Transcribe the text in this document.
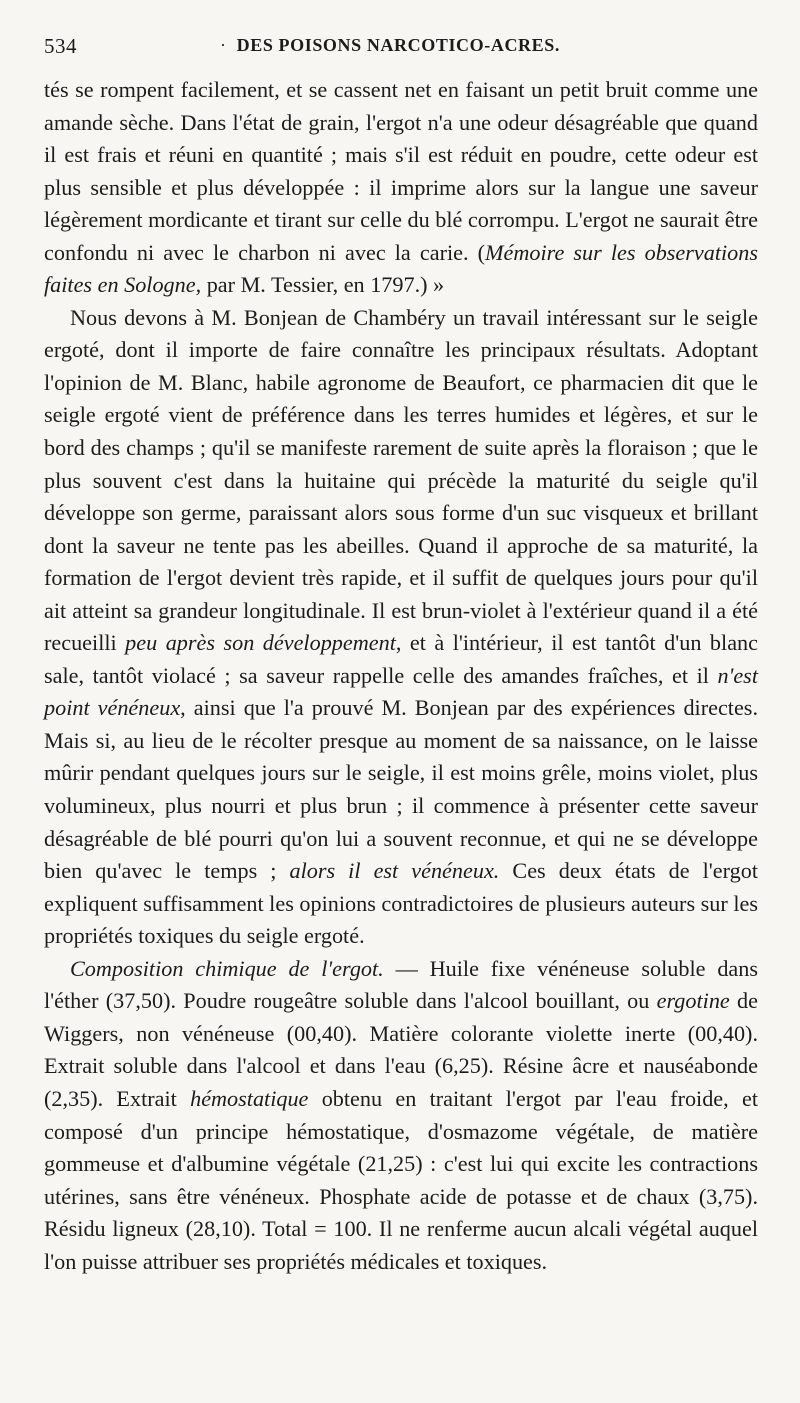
534	· DES POISONS NARCOTICO-ACRES.

tés se rompent facilement, et se cassent net en faisant un petit bruit comme une amande sèche. Dans l'état de grain, l'ergot n'a une odeur désagréable que quand il est frais et réuni en quantité ; mais s'il est réduit en poudre, cette odeur est plus sensible et plus développée : il imprime alors sur la langue une saveur légèrement mordicante et tirant sur celle du blé corrompu. L'ergot ne saurait être confondu ni avec le charbon ni avec la carie. (Mémoire sur les observations faites en Sologne, par M. Tessier, en 1797.) »

Nous devons à M. Bonjean de Chambéry un travail intéressant sur le seigle ergoté, dont il importe de faire connaître les principaux résultats. Adoptant l'opinion de M. Blanc, habile agronome de Beaufort, ce pharmacien dit que le seigle ergoté vient de préférence dans les terres humides et légères, et sur le bord des champs ; qu'il se manifeste rarement de suite après la floraison ; que le plus souvent c'est dans la huitaine qui précède la maturité du seigle qu'il développe son germe, paraissant alors sous forme d'un suc visqueux et brillant dont la saveur ne tente pas les abeilles. Quand il approche de sa maturité, la formation de l'ergot devient très rapide, et il suffit de quelques jours pour qu'il ait atteint sa grandeur longitudinale. Il est brun-violet à l'extérieur quand il a été recueilli peu après son développement, et à l'intérieur, il est tantôt d'un blanc sale, tantôt violacé ; sa saveur rappelle celle des amandes fraîches, et il n'est point vénéneux, ainsi que l'a prouvé M. Bonjean par des expériences directes. Mais si, au lieu de le récolter presque au moment de sa naissance, on le laisse mûrir pendant quelques jours sur le seigle, il est moins grêle, moins violet, plus volumineux, plus nourri et plus brun ; il commence à présenter cette saveur désagréable de blé pourri qu'on lui a souvent reconnue, et qui ne se développe bien qu'avec le temps ; alors il est vénéneux. Ces deux états de l'ergot expliquent suffisamment les opinions contradictoires de plusieurs auteurs sur les propriétés toxiques du seigle ergoté.

Composition chimique de l'ergot. — Huile fixe vénéneuse soluble dans l'éther (37,50). Poudre rougeâtre soluble dans l'alcool bouillant, ou ergotine de Wiggers, non vénéneuse (00,40). Matière colorante violette inerte (00,40). Extrait soluble dans l'alcool et dans l'eau (6,25). Résine âcre et nauséabonde (2,35). Extrait hémostatique obtenu en traitant l'ergot par l'eau froide, et composé d'un principe hémostatique, d'osmazome végétale, de matière gommeuse et d'albumine végétale (21,25) : c'est lui qui excite les contractions utérines, sans être vénéneux. Phosphate acide de potasse et de chaux (3,75). Résidu ligneux (28,10). Total = 100. Il ne renferme aucun alcali végétal auquel l'on puisse attribuer ses propriétés médicales et toxiques.
